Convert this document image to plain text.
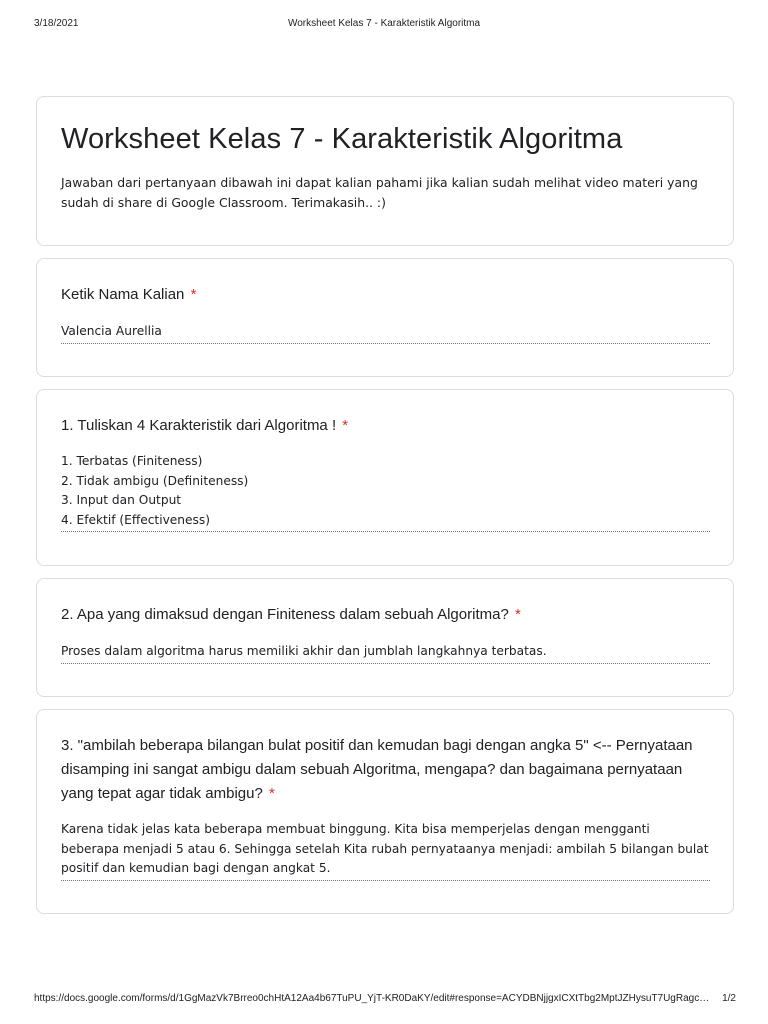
3/18/2021	Worksheet Kelas 7 - Karakteristik Algoritma
Worksheet Kelas 7 - Karakteristik Algoritma
Jawaban dari pertanyaan dibawah ini dapat kalian pahami jika kalian sudah melihat video materi yang sudah di share di Google Classroom. Terimakasih.. :)
Ketik Nama Kalian *
Valencia Aurellia
1. Tuliskan 4 Karakteristik dari Algoritma ! *
1. Terbatas (Finiteness)
2. Tidak ambigu (Definiteness)
3. Input dan Output
4. Efektif (Effectiveness)
2. Apa yang dimaksud dengan Finiteness dalam sebuah Algoritma? *
Proses dalam algoritma harus memiliki akhir dan jumblah langkahnya terbatas.
3. "ambilah beberapa bilangan bulat positif dan kemudan bagi dengan angka 5" <-- Pernyataan disamping ini sangat ambigu dalam sebuah Algoritma, mengapa? dan bagaimana pernyataan yang tepat agar tidak ambigu? *
Karena tidak jelas kata beberapa membuat binggung. Kita bisa memperjelas dengan mengganti beberapa menjadi 5 atau 6. Sehingga setelah Kita rubah pernyataanya menjadi: ambilah 5 bilangan bulat positif dan kemudian bagi dengan angkat 5.
https://docs.google.com/forms/d/1GgMazVk7Brreo0chHtA12Aa4b67TuPU_YjT-KR0DaKY/edit#response=ACYDBNjjgxICXtTbg2MptJZHysuT7UgRagc…	1/2
